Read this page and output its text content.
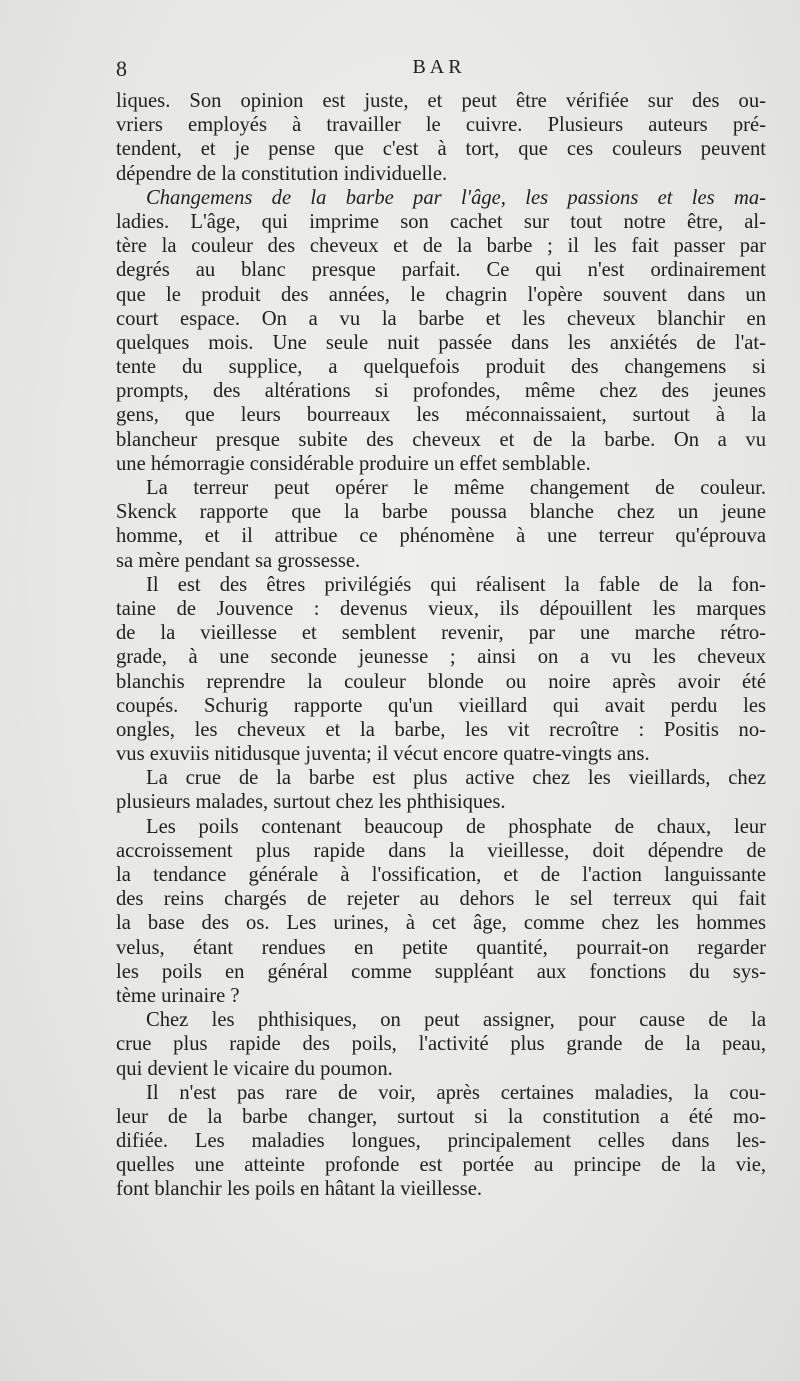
8	BAR
liques. Son opinion est juste, et peut être vérifiée sur des ou-
vriers employés à travailler le cuivre. Plusieurs auteurs pré-
tendent, et je pense que c'est à tort, que ces couleurs peuvent
dépendre de la constitution individuelle.
Changemens de la barbe par l'âge, les passions et les ma-
ladies. L'âge, qui imprime son cachet sur tout notre être, al-
tère la couleur des cheveux et de la barbe ; il les fait passer par
degrés au blanc presque parfait. Ce qui n'est ordinairement
que le produit des années, le chagrin l'opère souvent dans un
court espace. On a vu la barbe et les cheveux blanchir en
quelques mois. Une seule nuit passée dans les anxiétés de l'at-
tente du supplice, a quelquefois produit des changemens si
prompts, des altérations si profondes, même chez des jeunes
gens, que leurs bourreaux les méconnaissaient, surtout à la
blancheur presque subite des cheveux et de la barbe. On a vu
une hémorragie considérable produire un effet semblable.
La terreur peut opérer le même changement de couleur.
Skenck rapporte que la barbe poussa blanche chez un jeune
homme, et il attribue ce phénomène à une terreur qu'éprouva
sa mère pendant sa grossesse.
Il est des êtres privilégiés qui réalisent la fable de la fon-
taine de Jouvence : devenus vieux, ils dépouillent les marques
de la vieillesse et semblent revenir, par une marche rétro-
grade, à une seconde jeunesse ; ainsi on a vu les cheveux
blanchis reprendre la couleur blonde ou noire après avoir été
coupés. Schurig rapporte qu'un vieillard qui avait perdu les
ongles, les cheveux et la barbe, les vit recroître : Positis no-
vus exuviis nitidusque juventa; il vécut encore quatre-vingts ans.
La crue de la barbe est plus active chez les vieillards, chez
plusieurs malades, surtout chez les phthisiques.
Les poils contenant beaucoup de phosphate de chaux, leur
accroissement plus rapide dans la vieillesse, doit dépendre de
la tendance générale à l'ossification, et de l'action languissante
des reins chargés de rejeter au dehors le sel terreux qui fait
la base des os. Les urines, à cet âge, comme chez les hommes
velus, étant rendues en petite quantité, pourrait-on regarder
les poils en général comme suppléant aux fonctions du sys-
tème urinaire ?
Chez les phthisiques, on peut assigner, pour cause de la
crue plus rapide des poils, l'activité plus grande de la peau,
qui devient le vicaire du poumon.
Il n'est pas rare de voir, après certaines maladies, la cou-
leur de la barbe changer, surtout si la constitution a été mo-
difiée. Les maladies longues, principalement celles dans les-
quelles une atteinte profonde est portée au principe de la vie,
font blanchir les poils en hâtant la vieillesse.
